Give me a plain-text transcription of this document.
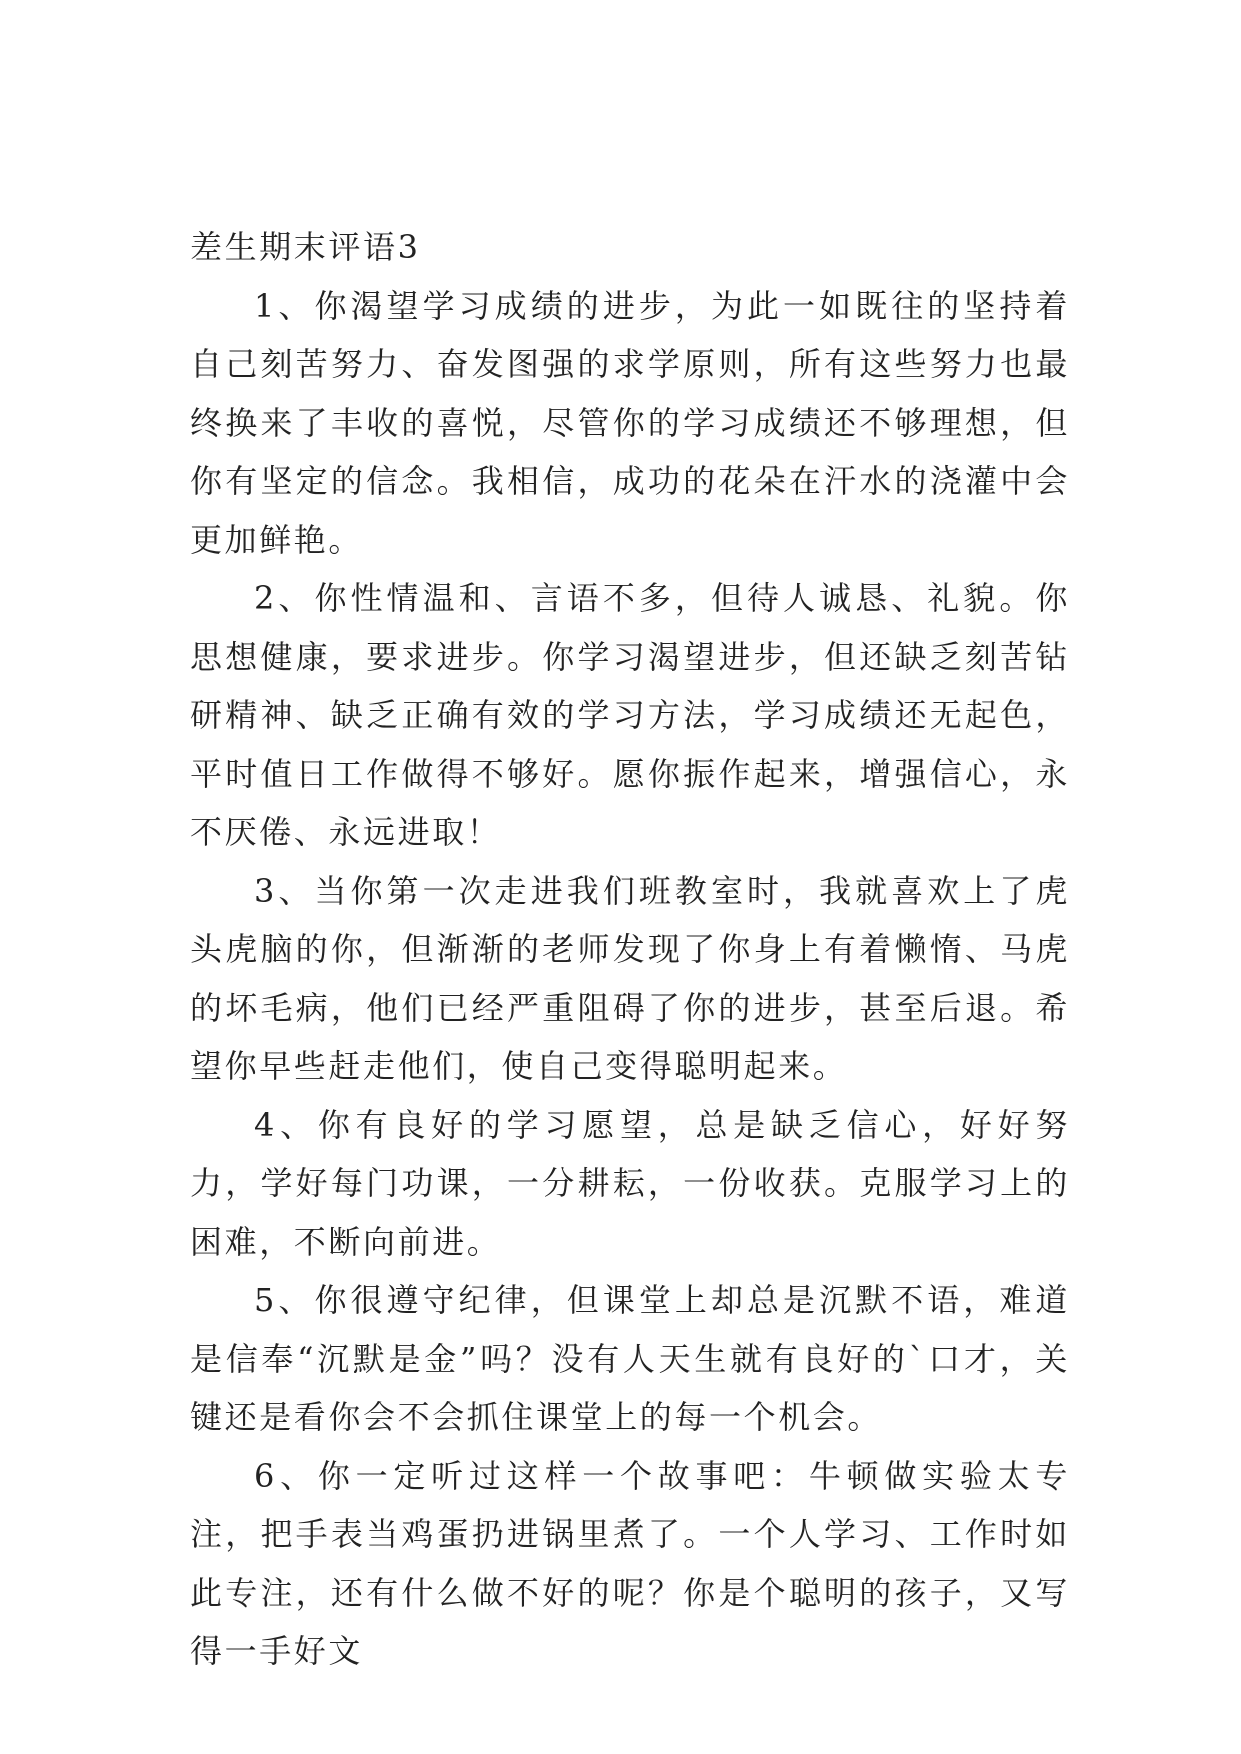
差生期末评语3

1、你渴望学习成绩的进步，为此一如既往的坚持着自己刻苦努力、奋发图强的求学原则，所有这些努力也最终换来了丰收的喜悦，尽管你的学习成绩还不够理想，但你有坚定的信念。我相信，成功的花朵在汗水的浇灌中会更加鲜艳。

2、你性情温和、言语不多，但待人诚恳、礼貌。你思想健康，要求进步。你学习渴望进步，但还缺乏刻苦钻研精神、缺乏正确有效的学习方法，学习成绩还无起色，平时值日工作做得不够好。愿你振作起来，增强信心，永不厌倦、永远进取！

3、当你第一次走进我们班教室时，我就喜欢上了虎头虎脑的你，但渐渐的老师发现了你身上有着懒惰、马虎的坏毛病，他们已经严重阻碍了你的进步，甚至后退。希望你早些赶走他们，使自己变得聪明起来。

4、你有良好的学习愿望，总是缺乏信心，好好努力，学好每门功课，一分耕耘，一份收获。克服学习上的困难，不断向前进。

5、你很遵守纪律，但课堂上却总是沉默不语，难道是信奉“沉默是金”吗？没有人天生就有良好的`口才，关键还是看你会不会抓住课堂上的每一个机会。

6、你一定听过这样一个故事吧：牛顿做实验太专注，把手表当鸡蛋扔进锅里煮了。一个人学习、工作时如此专注，还有什么做不好的呢？你是个聪明的孩子，又写得一手好文
